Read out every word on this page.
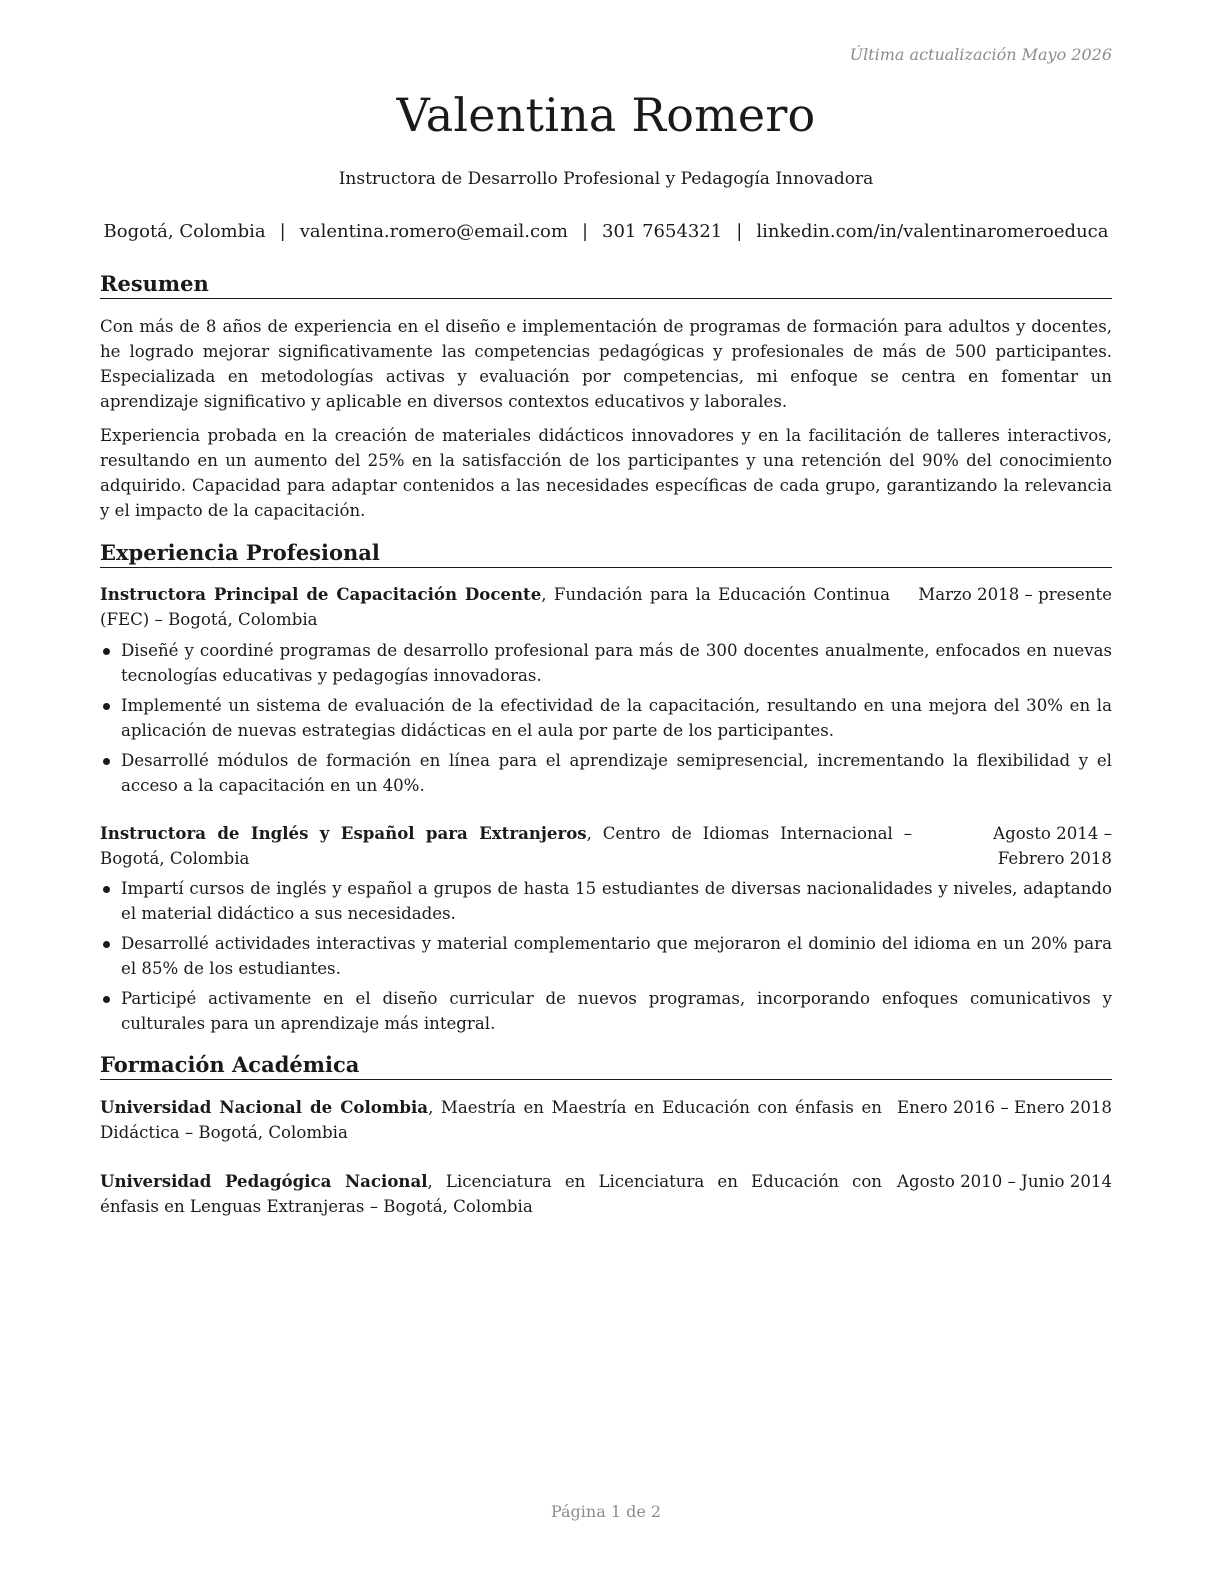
Última actualización Mayo 2026
Valentina Romero
Instructora de Desarrollo Profesional y Pedagogía Innovadora
Bogotá, Colombia | valentina.romero@email.com | 301 7654321 | linkedin.com/in/valentinaromeroeduca
Resumen
Con más de 8 años de experiencia en el diseño e implementación de programas de formación para adultos y docentes, he logrado mejorar significativamente las competencias pedagógicas y profesionales de más de 500 participantes. Especializada en metodologías activas y evaluación por competencias, mi enfoque se centra en fomentar un aprendizaje significativo y aplicable en diversos contextos educativos y laborales.
Experiencia probada en la creación de materiales didácticos innovadores y en la facilitación de talleres interactivos, resultando en un aumento del 25% en la satisfacción de los participantes y una retención del 90% del conocimiento adquirido. Capacidad para adaptar contenidos a las necesidades específicas de cada grupo, garantizando la relevancia y el impacto de la capacitación.
Experiencia Profesional
Instructora Principal de Capacitación Docente, Fundación para la Educación Continua (FEC) – Bogotá, Colombia
Marzo 2018 – presente
Diseñé y coordiné programas de desarrollo profesional para más de 300 docentes anualmente, enfocados en nuevas tecnologías educativas y pedagogías innovadoras.
Implementé un sistema de evaluación de la efectividad de la capacitación, resultando en una mejora del 30% en la aplicación de nuevas estrategias didácticas en el aula por parte de los participantes.
Desarrollé módulos de formación en línea para el aprendizaje semipresencial, incrementando la flexibilidad y el acceso a la capacitación en un 40%.
Instructora de Inglés y Español para Extranjeros, Centro de Idiomas Internacional – Bogotá, Colombia
Agosto 2014 – Febrero 2018
Impartí cursos de inglés y español a grupos de hasta 15 estudiantes de diversas nacionalidades y niveles, adaptando el material didáctico a sus necesidades.
Desarrollé actividades interactivas y material complementario que mejoraron el dominio del idioma en un 20% para el 85% de los estudiantes.
Participé activamente en el diseño curricular de nuevos programas, incorporando enfoques comunicativos y culturales para un aprendizaje más integral.
Formación Académica
Universidad Nacional de Colombia, Maestría en Maestría en Educación con énfasis en Didáctica – Bogotá, Colombia
Enero 2016 – Enero 2018
Universidad Pedagógica Nacional, Licenciatura en Licenciatura en Educación con énfasis en Lenguas Extranjeras – Bogotá, Colombia
Agosto 2010 – Junio 2014
Página 1 de 2
